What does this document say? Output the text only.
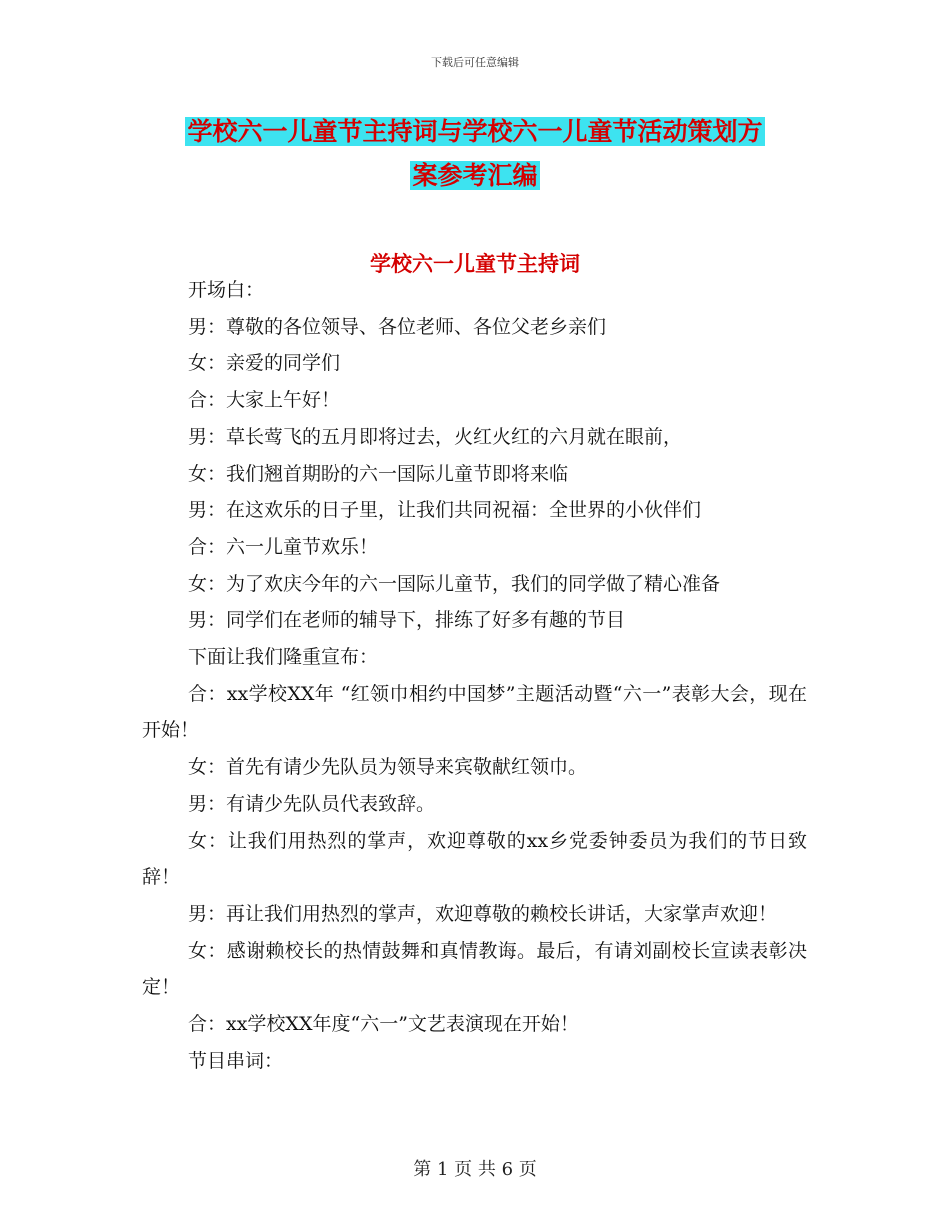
下载后可任意编辑
学校六一儿童节主持词与学校六一儿童节活动策划方
案参考汇编
学校六一儿童节主持词

开场白：

男：尊敬的各位领导、各位老师、各位父老乡亲们

女：亲爱的同学们

合：大家上午好！

男：草长莺飞的五月即将过去，火红火红的六月就在眼前，

女：我们翘首期盼的六一国际儿童节即将来临

男：在这欢乐的日子里，让我们共同祝福：全世界的小伙伴们

合：六一儿童节欢乐！

女：为了欢庆今年的六一国际儿童节，我们的同学做了精心准备

男：同学们在老师的辅导下，排练了好多有趣的节目

下面让我们隆重宣布：

合：xx学校XX年 “红领巾相约中国梦”主题活动暨“六一”表彰大会，现在开始！

女：首先有请少先队员为领导来宾敬献红领巾。

男：有请少先队员代表致辞。

女：让我们用热烈的掌声，欢迎尊敬的xx乡党委钟委员为我们的节日致辞！

男：再让我们用热烈的掌声，欢迎尊敬的赖校长讲话，大家掌声欢迎！

女：感谢赖校长的热情鼓舞和真情教诲。最后，有请刘副校长宣读表彰决定！

合：xx学校XX年度“六一”文艺表演现在开始！

节目串词：

第 1 页 共 6 页
